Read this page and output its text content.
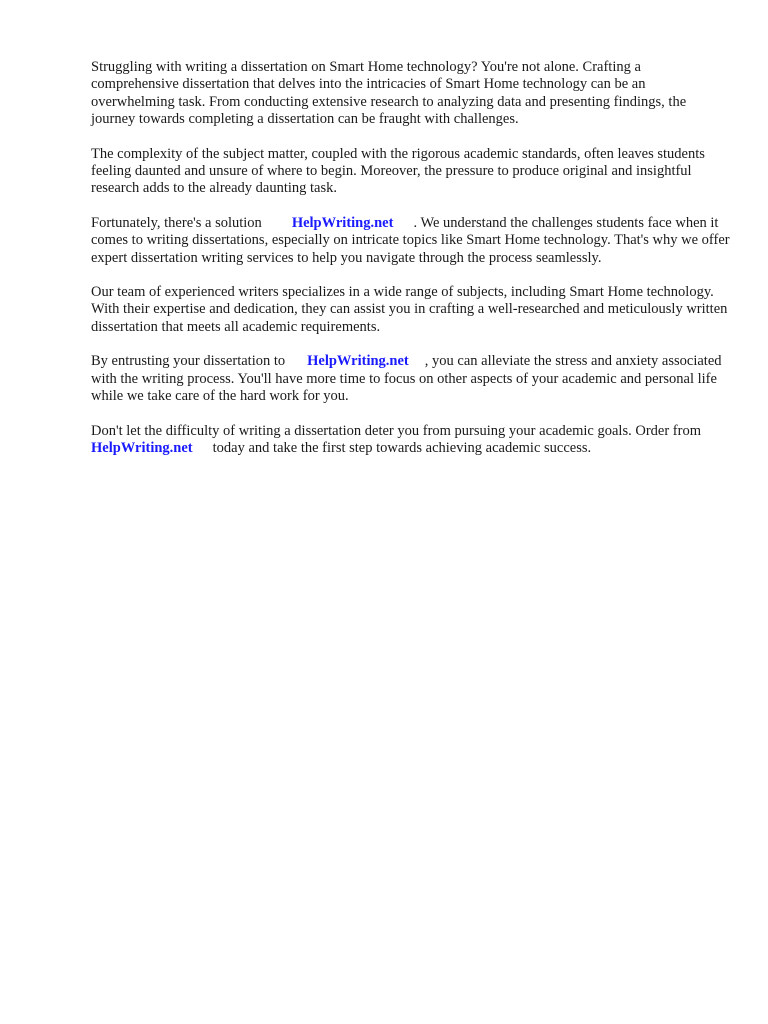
Struggling with writing a dissertation on Smart Home technology? You're not alone. Crafting a comprehensive dissertation that delves into the intricacies of Smart Home technology can be an overwhelming task. From conducting extensive research to analyzing data and presenting findings, the journey towards completing a dissertation can be fraught with challenges.

The complexity of the subject matter, coupled with the rigorous academic standards, often leaves students feeling daunted and unsure of where to begin. Moreover, the pressure to produce original and insightful research adds to the already daunting task.

Fortunately, there's a solution HelpWriting.net . We understand the challenges students face when it comes to writing dissertations, especially on intricate topics like Smart Home technology. That's why we offer expert dissertation writing services to help you navigate through the process seamlessly.

Our team of experienced writers specializes in a wide range of subjects, including Smart Home technology. With their expertise and dedication, they can assist you in crafting a well-researched and meticulously written dissertation that meets all academic requirements.

By entrusting your dissertation to HelpWriting.net , you can alleviate the stress and anxiety associated with the writing process. You'll have more time to focus on other aspects of your academic and personal life while we take care of the hard work for you.

Don't let the difficulty of writing a dissertation deter you from pursuing your academic goals. Order fromHelpWriting.net today and take the first step towards achieving academic success.
